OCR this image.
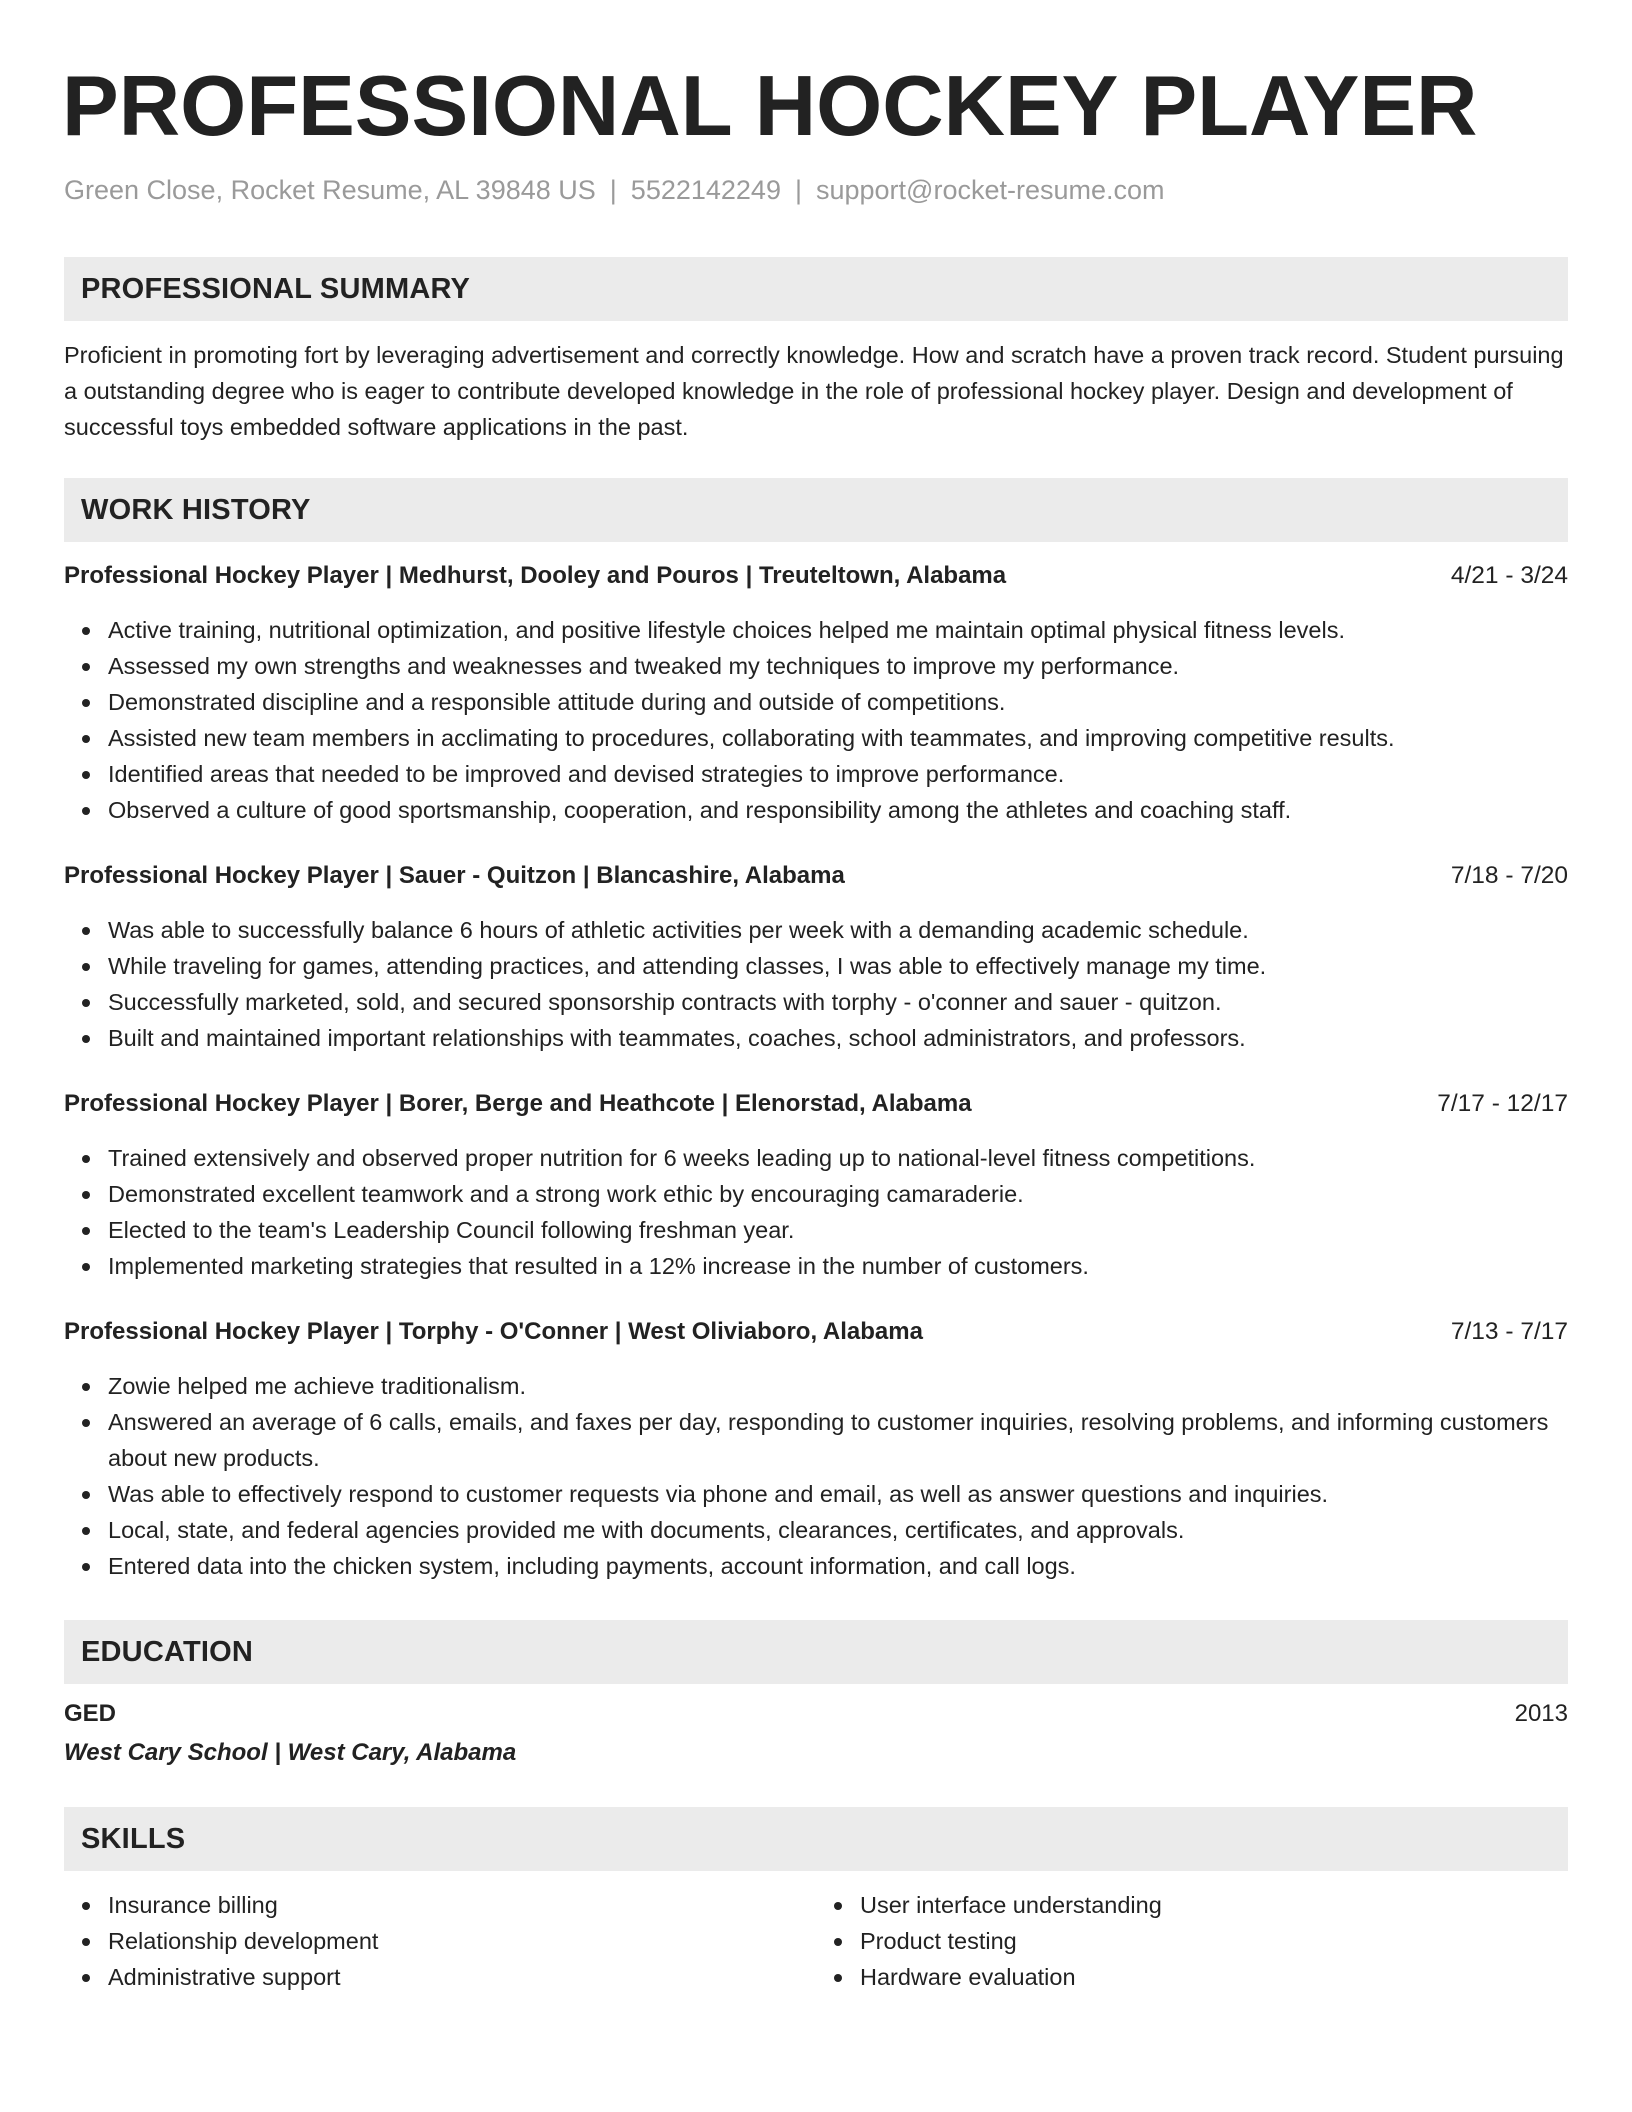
PROFESSIONAL HOCKEY PLAYER
Green Close, Rocket Resume, AL 39848 US | 5522142249 | support@rocket-resume.com
PROFESSIONAL SUMMARY

Proficient in promoting fort by leveraging advertisement and correctly knowledge. How and scratch have a proven track record. Student pursuing a outstanding degree who is eager to contribute developed knowledge in the role of professional hockey player. Design and development of successful toys embedded software applications in the past.

WORK HISTORY
Professional Hockey Player | Medhurst, Dooley and Pouros | Treuteltown, Alabama	4/21 - 3/24
Active training, nutritional optimization, and positive lifestyle choices helped me maintain optimal physical fitness levels.
Assessed my own strengths and weaknesses and tweaked my techniques to improve my performance.
Demonstrated discipline and a responsible attitude during and outside of competitions.
Assisted new team members in acclimating to procedures, collaborating with teammates, and improving competitive results.
Identified areas that needed to be improved and devised strategies to improve performance.
Observed a culture of good sportsmanship, cooperation, and responsibility among the athletes and coaching staff.
Professional Hockey Player | Sauer - Quitzon | Blancashire, Alabama	7/18 - 7/20
Was able to successfully balance 6 hours of athletic activities per week with a demanding academic schedule.
While traveling for games, attending practices, and attending classes, I was able to effectively manage my time.
Successfully marketed, sold, and secured sponsorship contracts with torphy - o'conner and sauer - quitzon.
Built and maintained important relationships with teammates, coaches, school administrators, and professors.
Professional Hockey Player | Borer, Berge and Heathcote | Elenorstad, Alabama	7/17 - 12/17
Trained extensively and observed proper nutrition for 6 weeks leading up to national-level fitness competitions.
Demonstrated excellent teamwork and a strong work ethic by encouraging camaraderie.
Elected to the team's Leadership Council following freshman year.
Implemented marketing strategies that resulted in a 12% increase in the number of customers.
Professional Hockey Player | Torphy - O'Conner | West Oliviaboro, Alabama	7/13 - 7/17
Zowie helped me achieve traditionalism.
Answered an average of 6 calls, emails, and faxes per day, responding to customer inquiries, resolving problems, and informing customers about new products.
Was able to effectively respond to customer requests via phone and email, as well as answer questions and inquiries.
Local, state, and federal agencies provided me with documents, clearances, certificates, and approvals.
Entered data into the chicken system, including payments, account information, and call logs.
EDUCATION
GED	2013
West Cary School | West Cary, Alabama
SKILLS
Insurance billing
Relationship development
Administrative support
User interface understanding
Product testing
Hardware evaluation
